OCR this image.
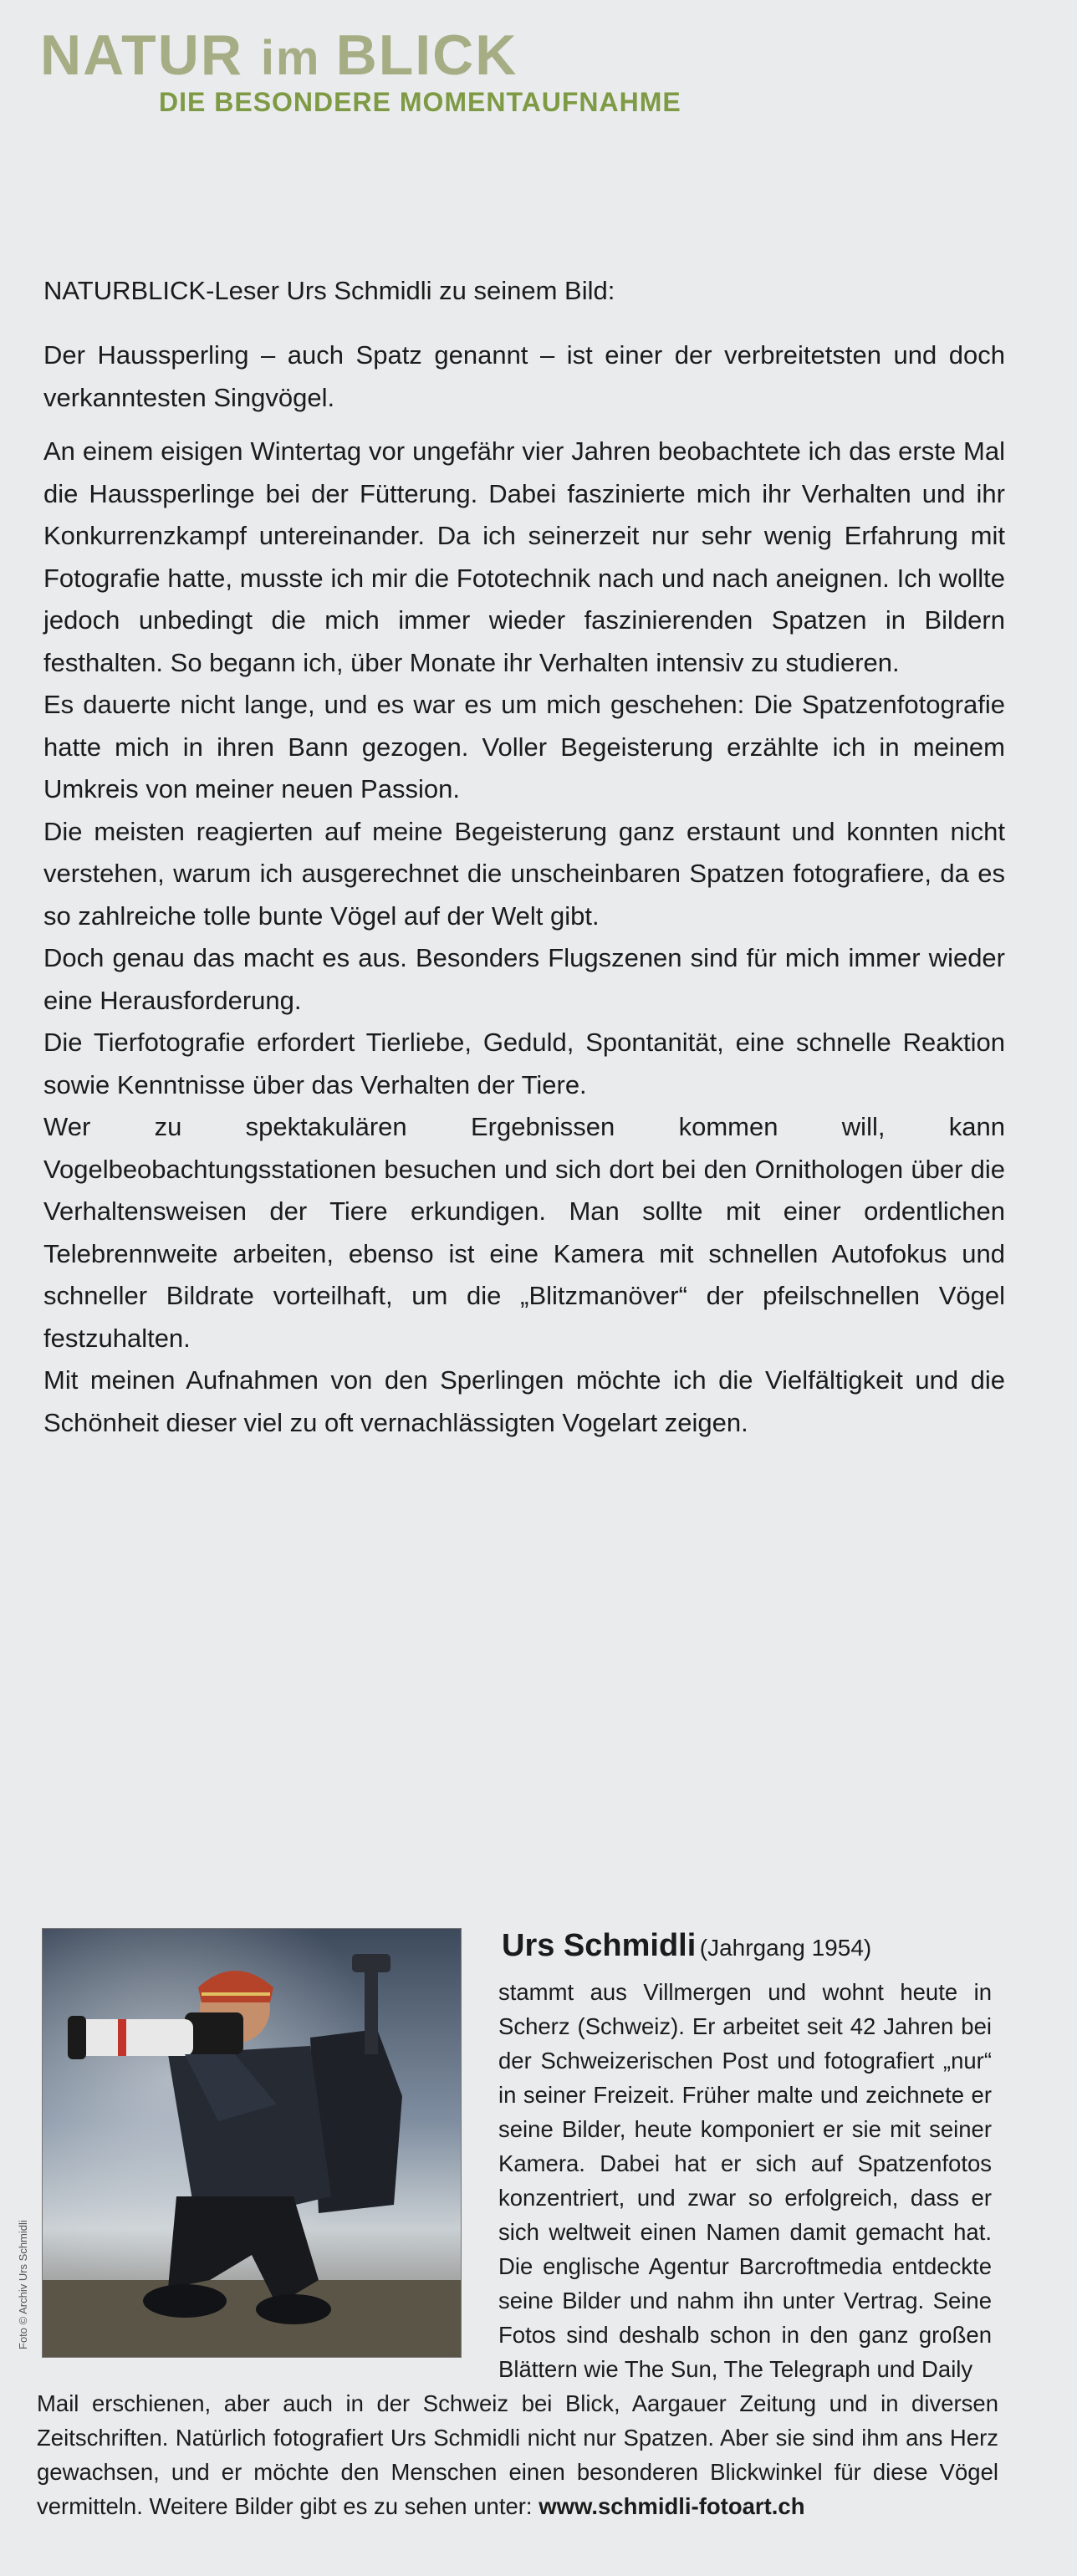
NATUR im BLICK
DIE BESONDERE MOMENTAUFNAHME

NATURBLICK-Leser Urs Schmidli zu seinem Bild:

Der Haussperling – auch Spatz genannt – ist einer der verbreitetsten und doch verkanntesten Singvögel.

An einem eisigen Wintertag vor ungefähr vier Jahren beobachtete ich das erste Mal die Haussperlinge bei der Fütterung. Dabei faszinierte mich ihr Verhalten und ihr Konkurrenzkampf untereinander. Da ich seinerzeit nur sehr wenig Erfahrung mit Fotografie hatte, musste ich mir die Fototechnik nach und nach aneignen. Ich wollte jedoch unbedingt die mich immer wieder faszinierenden Spatzen in Bildern festhalten. So begann ich, über Monate ihr Verhalten intensiv zu studieren.

Es dauerte nicht lange, und es war es um mich geschehen: Die Spatzenfotografie hatte mich in ihren Bann gezogen. Voller Begeisterung erzählte ich in meinem Umkreis von meiner neuen Passion.

Die meisten reagierten auf meine Begeisterung ganz erstaunt und konnten nicht verstehen, warum ich ausgerechnet die unscheinbaren Spatzen fotografiere, da es so zahlreiche tolle bunte Vögel auf der Welt gibt.

Doch genau das macht es aus. Besonders Flugszenen sind für mich immer wieder eine Herausforderung.

Die Tierfotografie erfordert Tierliebe, Geduld, Spontanität, eine schnelle Reaktion sowie Kenntnisse über das Verhalten der Tiere.

Wer zu spektakulären Ergebnissen kommen will, kann Vogelbeobachtungsstationen besuchen und sich dort bei den Ornithologen über die Verhaltensweisen der Tiere erkundigen. Man sollte mit einer ordentlichen Telebrennweite arbeiten, ebenso ist eine Kamera mit schnellen Autofokus und schneller Bildrate vorteilhaft, um die „Blitzmanöver“ der pfeilschnellen Vögel festzuhalten.

Mit meinen Aufnahmen von den Sperlingen möchte ich die Vielfältigkeit und die Schönheit dieser viel zu oft vernachlässigten Vogelart zeigen.

Foto © Archiv Urs Schmidli
Urs Schmidli (Jahrgang 1954)

stammt aus Villmergen und wohnt heute in Scherz (Schweiz). Er arbeitet seit 42 Jahren bei der Schweizerischen Post und fotografiert „nur“ in seiner Freizeit. Früher malte und zeichnete er seine Bilder, heute komponiert er sie mit seiner Kamera. Dabei hat er sich auf Spatzenfotos konzentriert, und zwar so erfolgreich, dass er sich weltweit einen Namen damit gemacht hat. Die englische Agentur Barcroftmedia entdeckte seine Bilder und nahm ihn unter Vertrag. Seine Fotos sind deshalb schon in den ganz großen Blättern wie The Sun, The Telegraph und Daily

Mail erschienen, aber auch in der Schweiz bei Blick, Aargauer Zeitung und in diversen Zeitschriften. Natürlich fotografiert Urs Schmidli nicht nur Spatzen. Aber sie sind ihm ans Herz gewachsen, und er möchte den Menschen einen besonderen Blickwinkel für diese Vögel vermitteln. Weitere Bilder gibt es zu sehen unter: www.schmidli-fotoart.ch
